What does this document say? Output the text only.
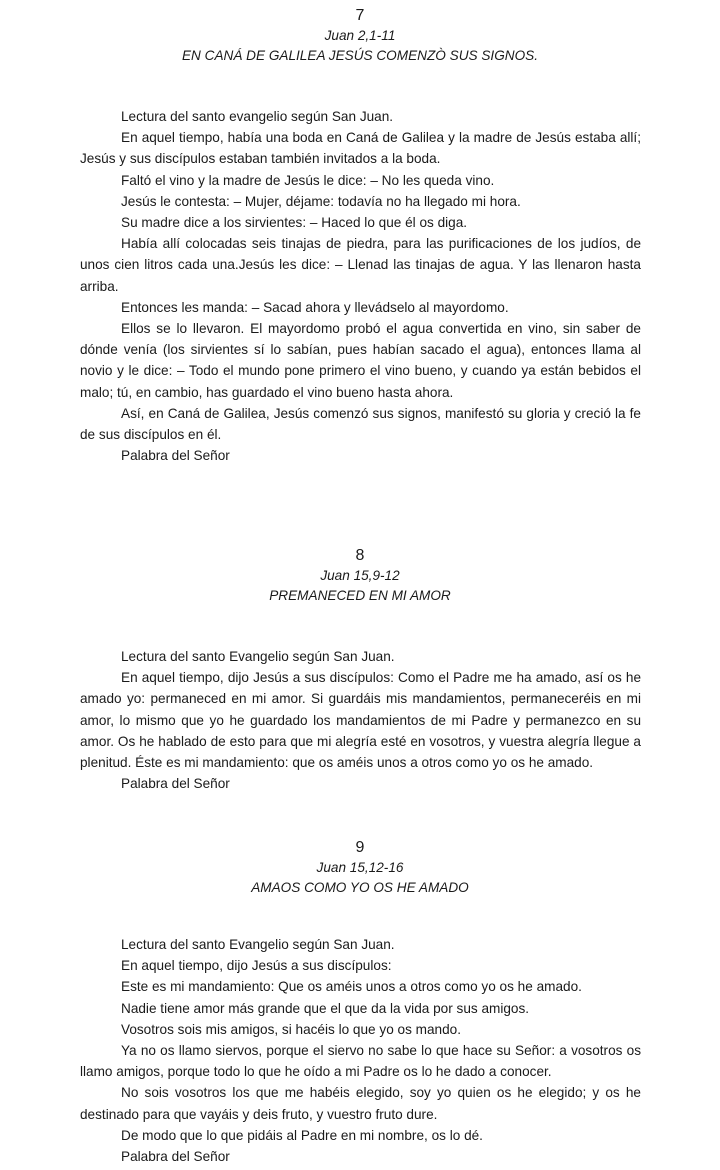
7

Juan 2,1-11

EN CANÁ DE GALILEA JESÚS COMENZÒ SUS SIGNOS.

Lectura del santo evangelio según San Juan.

En aquel tiempo, había una boda en Caná de Galilea y la madre de Jesús estaba allí; Jesús y sus discípulos estaban también invitados a la boda.

Faltó el vino y la madre de Jesús le dice: – No les queda vino.

Jesús le contesta: – Mujer, déjame: todavía no ha llegado mi hora.

Su madre dice a los sirvientes: – Haced lo que él os diga.

Había allí colocadas seis tinajas de piedra, para las purificaciones de los judíos, de unos cien litros cada una.Jesús les dice: – Llenad las tinajas de agua. Y las llenaron hasta arriba.

Entonces les manda: – Sacad ahora y llevádselo al mayordomo.

Ellos se lo llevaron. El mayordomo probó el agua convertida en vino, sin saber de dónde venía (los sirvientes sí lo sabían, pues habían sacado el agua), entonces llama al novio y le dice: – Todo el mundo pone primero el vino bueno, y cuando ya están bebidos el malo; tú, en cambio, has guardado el vino bueno hasta ahora.

Así, en Caná de Galilea, Jesús comenzó sus signos, manifestó su gloria y creció la fe de sus discípulos en él.

Palabra del Señor

8

Juan 15,9-12

PREMANECED EN MI AMOR

Lectura del santo Evangelio según San Juan.

En aquel tiempo, dijo Jesús a sus discípulos: Como el Padre me ha amado, así os he amado yo: permaneced en mi amor. Si guardáis mis mandamientos, permaneceréis en mi amor, lo mismo que yo he guardado los mandamientos de mi Padre y permanezco en su amor. Os he hablado de esto para que mi alegría esté en vosotros, y vuestra alegría llegue a plenitud. Éste es mi mandamiento: que os améis unos a otros como yo os he amado.

Palabra del Señor

9

Juan 15,12-16

AMAOS COMO YO OS HE AMADO

Lectura del santo Evangelio según San Juan.

En aquel tiempo, dijo Jesús a sus discípulos:

Este es mi mandamiento: Que os améis unos a otros como yo os he amado.

Nadie tiene amor más grande que el que da la vida por sus amigos.

Vosotros sois mis amigos, si hacéis lo que yo os mando.

Ya no os llamo siervos, porque el siervo no sabe lo que hace su Señor: a vosotros os llamo amigos, porque todo lo que he oído a mi Padre os lo he dado a conocer.

No sois vosotros los que me habéis elegido, soy yo quien os he elegido; y os he destinado para que vayáis y deis fruto, y vuestro fruto dure.

De modo que lo que pidáis al Padre en mi nombre, os lo dé.

Palabra del Señor
